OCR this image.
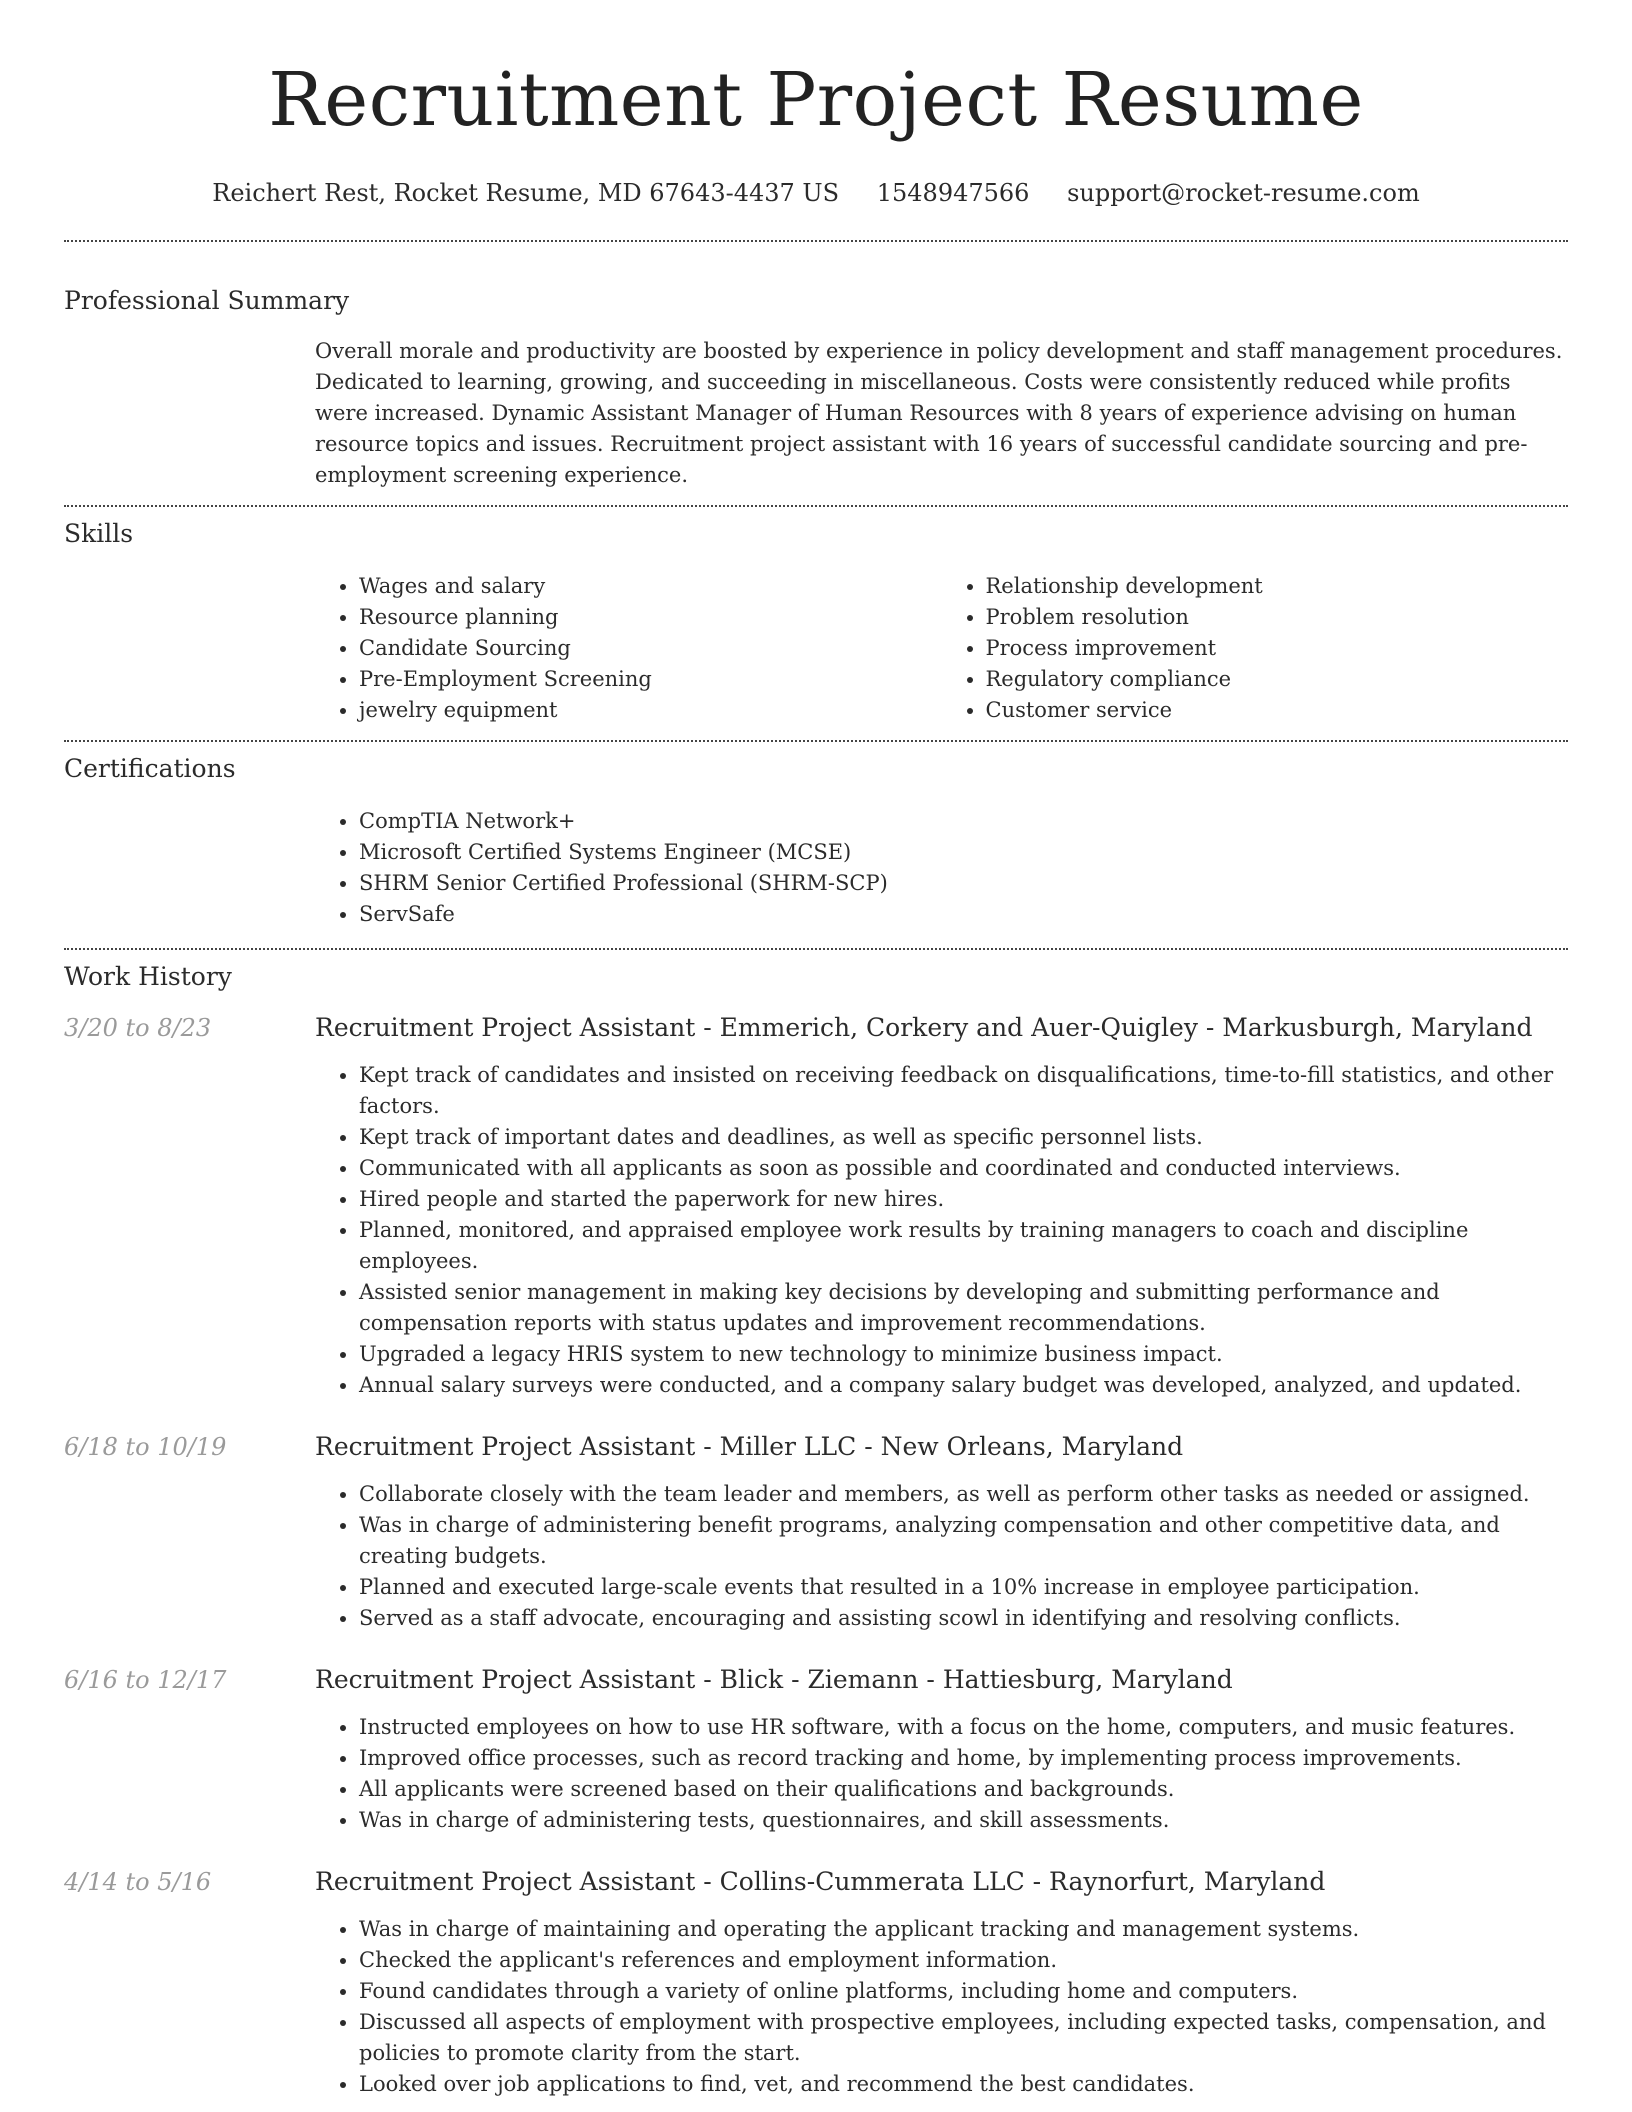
Recruitment Project Resume
Reichert Rest, Rocket Resume, MD 67643-4437 US 1548947566 support@rocket-resume.com
Professional Summary
Overall morale and productivity are boosted by experience in policy development and staff management procedures. Dedicated to learning, growing, and succeeding in miscellaneous. Costs were consistently reduced while profits were increased. Dynamic Assistant Manager of Human Resources with 8 years of experience advising on human resource topics and issues. Recruitment project assistant with 16 years of successful candidate sourcing and pre-employment screening experience.
Skills
• Wages and salary
• Resource planning
• Candidate Sourcing
• Pre-Employment Screening
• jewelry equipment
• Relationship development
• Problem resolution
• Process improvement
• Regulatory compliance
• Customer service
Certifications
• CompTIA Network+
• Microsoft Certified Systems Engineer (MCSE)
• SHRM Senior Certified Professional (SHRM-SCP)
• ServSafe
Work History
3/20 to 8/23	Recruitment Project Assistant - Emmerich, Corkery and Auer-Quigley - Markusburgh, Maryland
• Kept track of candidates and insisted on receiving feedback on disqualifications, time-to-fill statistics, and other factors.
• Kept track of important dates and deadlines, as well as specific personnel lists.
• Communicated with all applicants as soon as possible and coordinated and conducted interviews.
• Hired people and started the paperwork for new hires.
• Planned, monitored, and appraised employee work results by training managers to coach and discipline employees.
• Assisted senior management in making key decisions by developing and submitting performance and compensation reports with status updates and improvement recommendations.
• Upgraded a legacy HRIS system to new technology to minimize business impact.
• Annual salary surveys were conducted, and a company salary budget was developed, analyzed, and updated.
6/18 to 10/19	Recruitment Project Assistant - Miller LLC - New Orleans, Maryland
• Collaborate closely with the team leader and members, as well as perform other tasks as needed or assigned.
• Was in charge of administering benefit programs, analyzing compensation and other competitive data, and creating budgets.
• Planned and executed large-scale events that resulted in a 10% increase in employee participation.
• Served as a staff advocate, encouraging and assisting scowl in identifying and resolving conflicts.
6/16 to 12/17	Recruitment Project Assistant - Blick - Ziemann - Hattiesburg, Maryland
• Instructed employees on how to use HR software, with a focus on the home, computers, and music features.
• Improved office processes, such as record tracking and home, by implementing process improvements.
• All applicants were screened based on their qualifications and backgrounds.
• Was in charge of administering tests, questionnaires, and skill assessments.
4/14 to 5/16	Recruitment Project Assistant - Collins-Cummerata LLC - Raynorfurt, Maryland
• Was in charge of maintaining and operating the applicant tracking and management systems.
• Checked the applicant's references and employment information.
• Found candidates through a variety of online platforms, including home and computers.
• Discussed all aspects of employment with prospective employees, including expected tasks, compensation, and policies to promote clarity from the start.
• Looked over job applications to find, vet, and recommend the best candidates.
